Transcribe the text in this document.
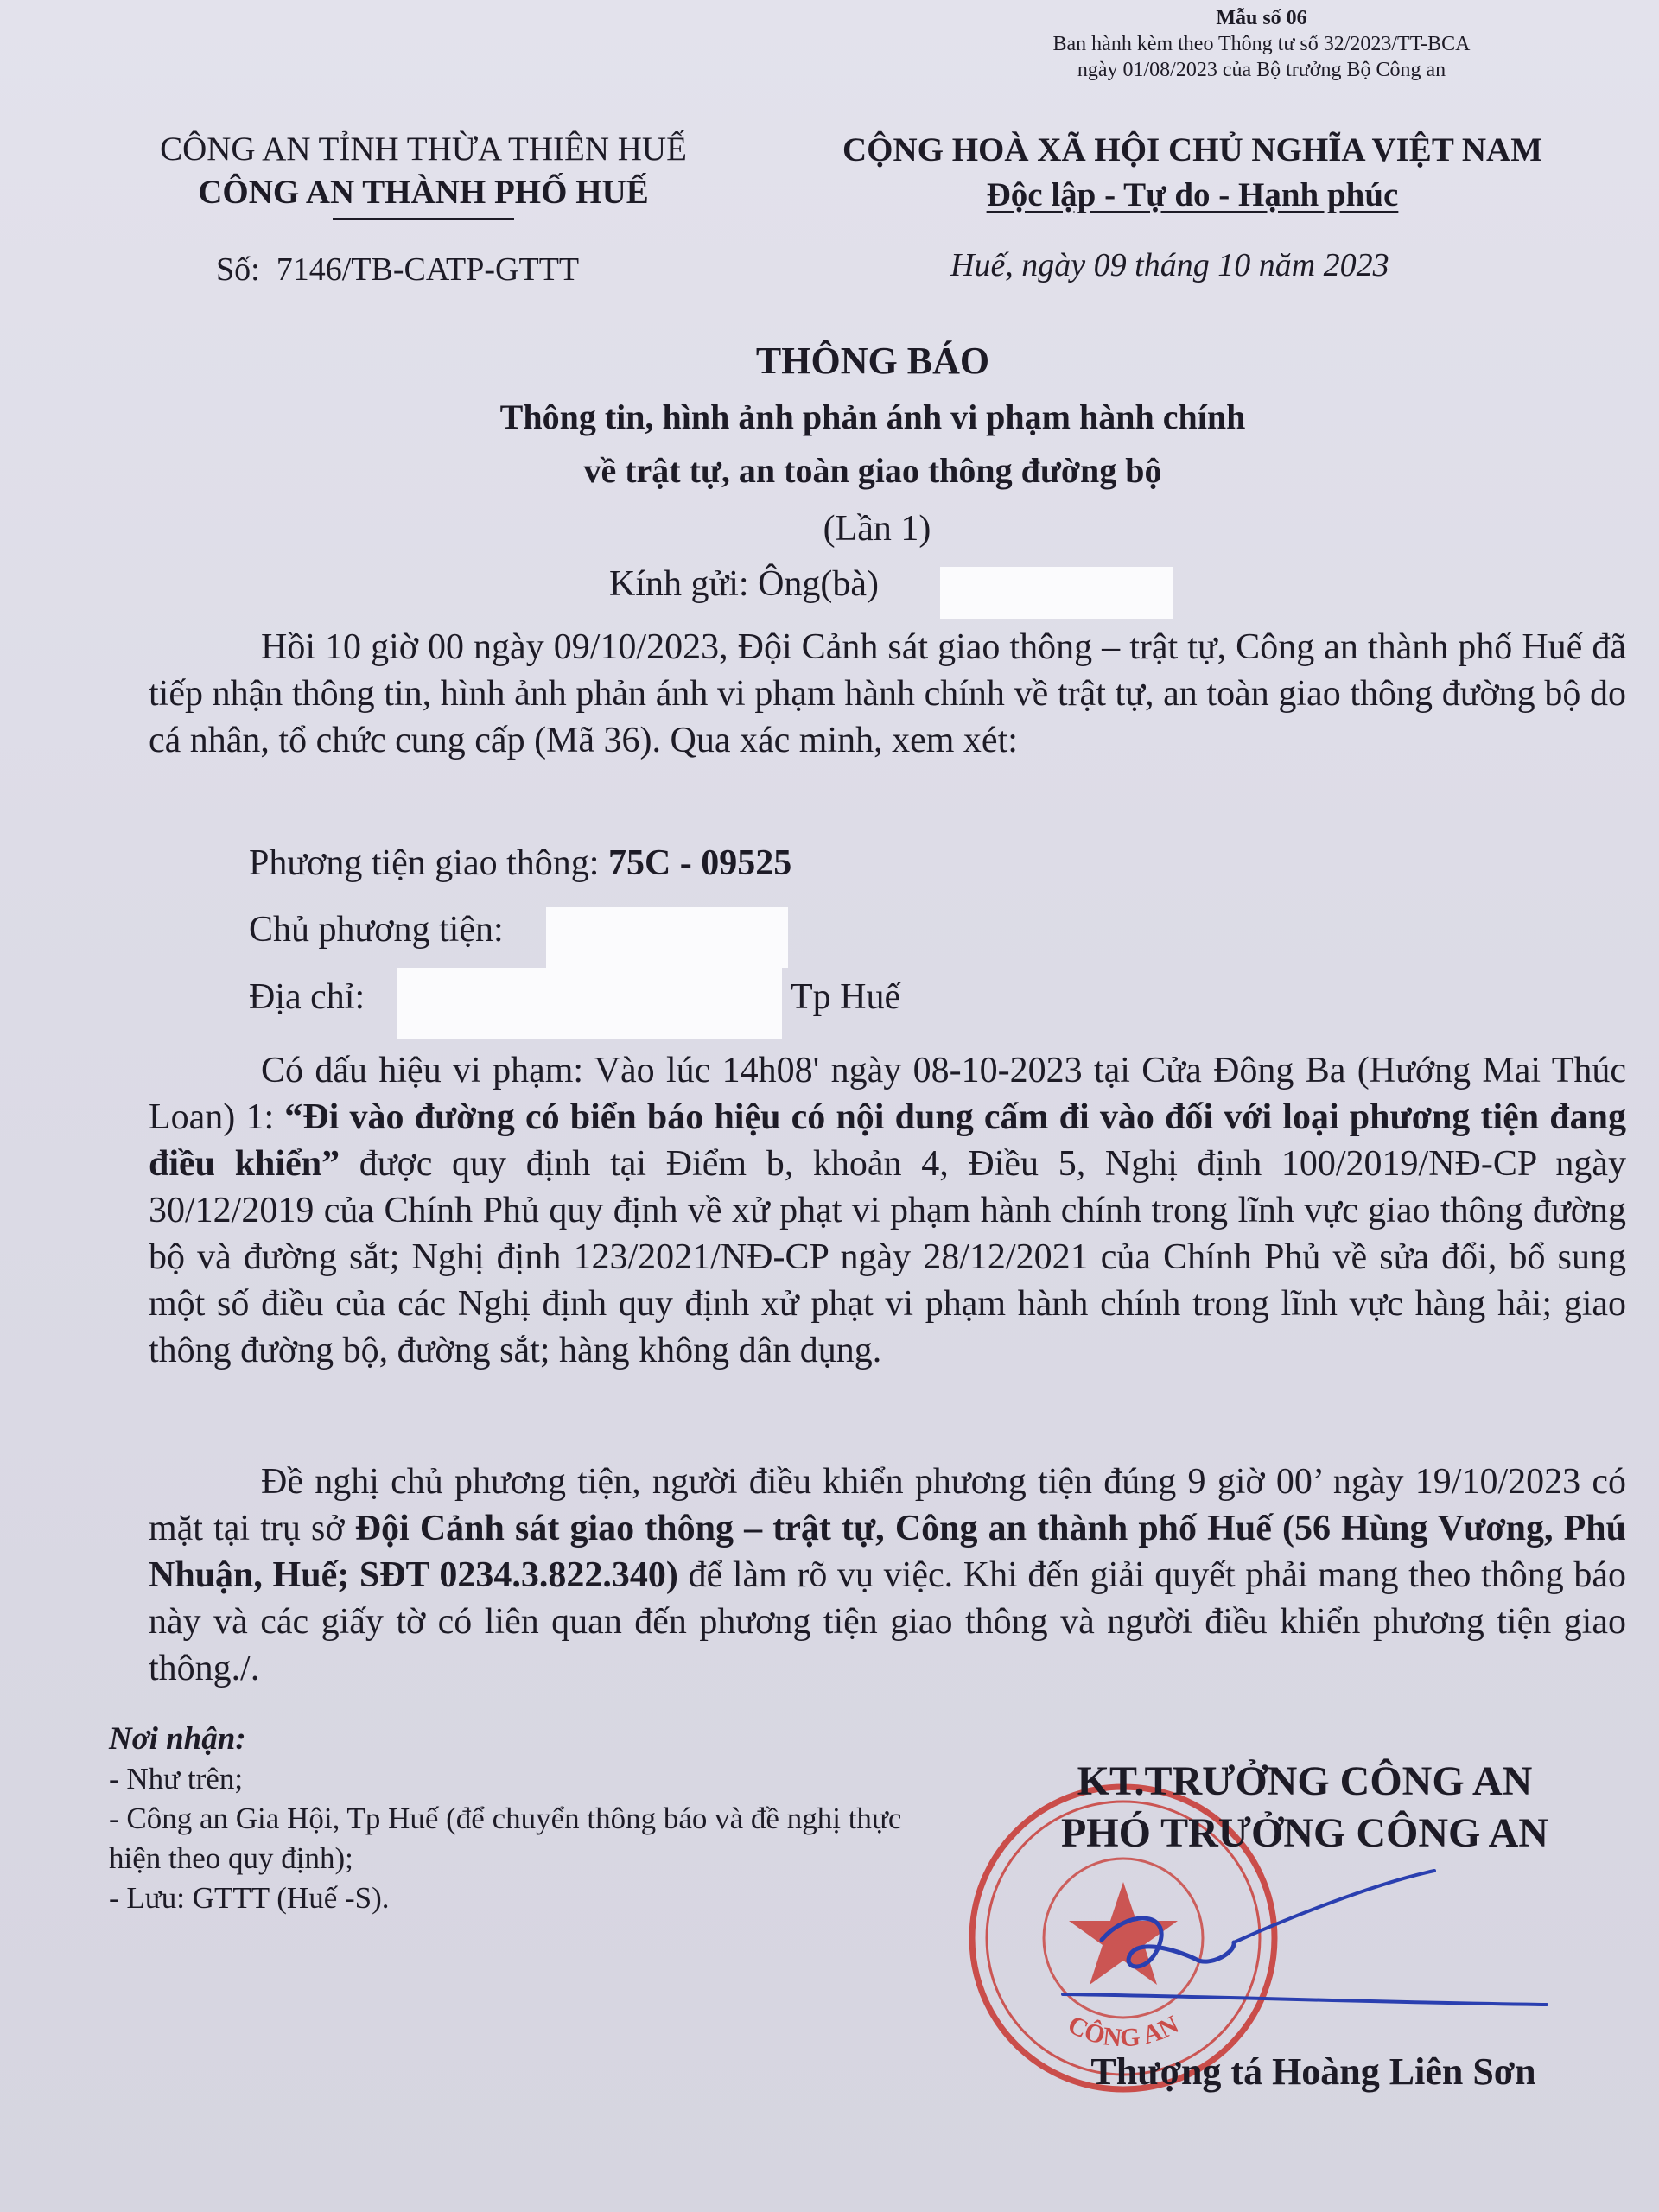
Mẫu số 06
Ban hành kèm theo Thông tư số 32/2023/TT-BCA
ngày 01/08/2023 của Bộ trưởng Bộ Công an
CÔNG AN TỈNH THỪA THIÊN HUẾ
CÔNG AN THÀNH PHỐ HUẾ
CỘNG HOÀ XÃ HỘI CHỦ NGHĨA VIỆT NAM
Độc lập - Tự do - Hạnh phúc
Số: 7146/TB-CATP-GTTT	Huế, ngày 09 tháng 10 năm 2023
THÔNG BÁO
Thông tin, hình ảnh phản ánh vi phạm hành chính
về trật tự, an toàn giao thông đường bộ
(Lần 1)
Kính gửi: Ông(bà)
Hồi 10 giờ 00 ngày 09/10/2023, Đội Cảnh sát giao thông – trật tự, Công an thành phố Huế đã tiếp nhận thông tin, hình ảnh phản ánh vi phạm hành chính về trật tự, an toàn giao thông đường bộ do cá nhân, tổ chức cung cấp (Mã 36). Qua xác minh, xem xét:
Phương tiện giao thông: 75C - 09525
Chủ phương tiện:
Địa chỉ:	Tp Huế
Có dấu hiệu vi phạm: Vào lúc 14h08' ngày 08-10-2023 tại Cửa Đông Ba (Hướng Mai Thúc Loan) 1: “Đi vào đường có biển báo hiệu có nội dung cấm đi vào đối với loại phương tiện đang điều khiển” được quy định tại Điểm b, khoản 4, Điều 5, Nghị định 100/2019/NĐ-CP ngày 30/12/2019 của Chính Phủ quy định về xử phạt vi phạm hành chính trong lĩnh vực giao thông đường bộ và đường sắt; Nghị định 123/2021/NĐ-CP ngày 28/12/2021 của Chính Phủ về sửa đổi, bổ sung một số điều của các Nghị định quy định xử phạt vi phạm hành chính trong lĩnh vực hàng hải; giao thông đường bộ, đường sắt; hàng không dân dụng.
Đề nghị chủ phương tiện, người điều khiển phương tiện đúng 9 giờ 00’ ngày 19/10/2023 có mặt tại trụ sở Đội Cảnh sát giao thông – trật tự, Công an thành phố Huế (56 Hùng Vương, Phú Nhuận, Huế; SĐT 0234.3.822.340) để làm rõ vụ việc. Khi đến giải quyết phải mang theo thông báo này và các giấy tờ có liên quan đến phương tiện giao thông và người điều khiển phương tiện giao thông./.
Nơi nhận:
- Như trên;
- Công an Gia Hội, Tp Huế (để chuyển thông báo và đề nghị thực hiện theo quy định);
- Lưu: GTTT (Huế -S).
CÔNG AN
KT.TRƯỞNG CÔNG AN
PHÓ TRƯỞNG CÔNG AN
Thượng tá Hoàng Liên Sơn
